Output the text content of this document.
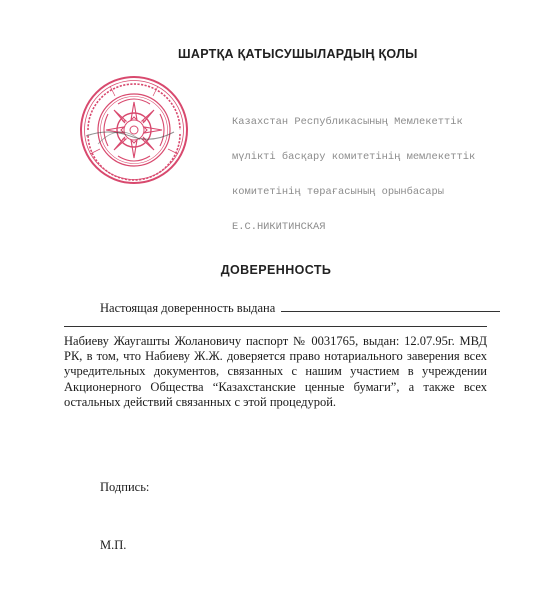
ШАРТҚА ҚАТЫСУШЫЛАРДЫҢ ҚОЛЫ

Казахстан Республикасының Мемлекеттiк

мүлiктi басқару комитетiнiң мемлекеттiк

комитетiнiң төрағасының орынбасары

Е.С.НИКИТИНСКАЯ

ДОВЕРЕННОСТЬ
Настоящая доверенность выдана
Набиеву Жаугашты Жолановичу паспорт № 0031765, выдан: 12.07.95г. МВД РК, в том, что Набиеву Ж.Ж. доверяется право нотариального заверения всех учредительных документов, связанных с нашим участием в учреждении Акционерного Общества “Казахстанские ценные бумаги”, а также всех остальных действий связанных с этой процедурой.
Подпись:
М.П.
